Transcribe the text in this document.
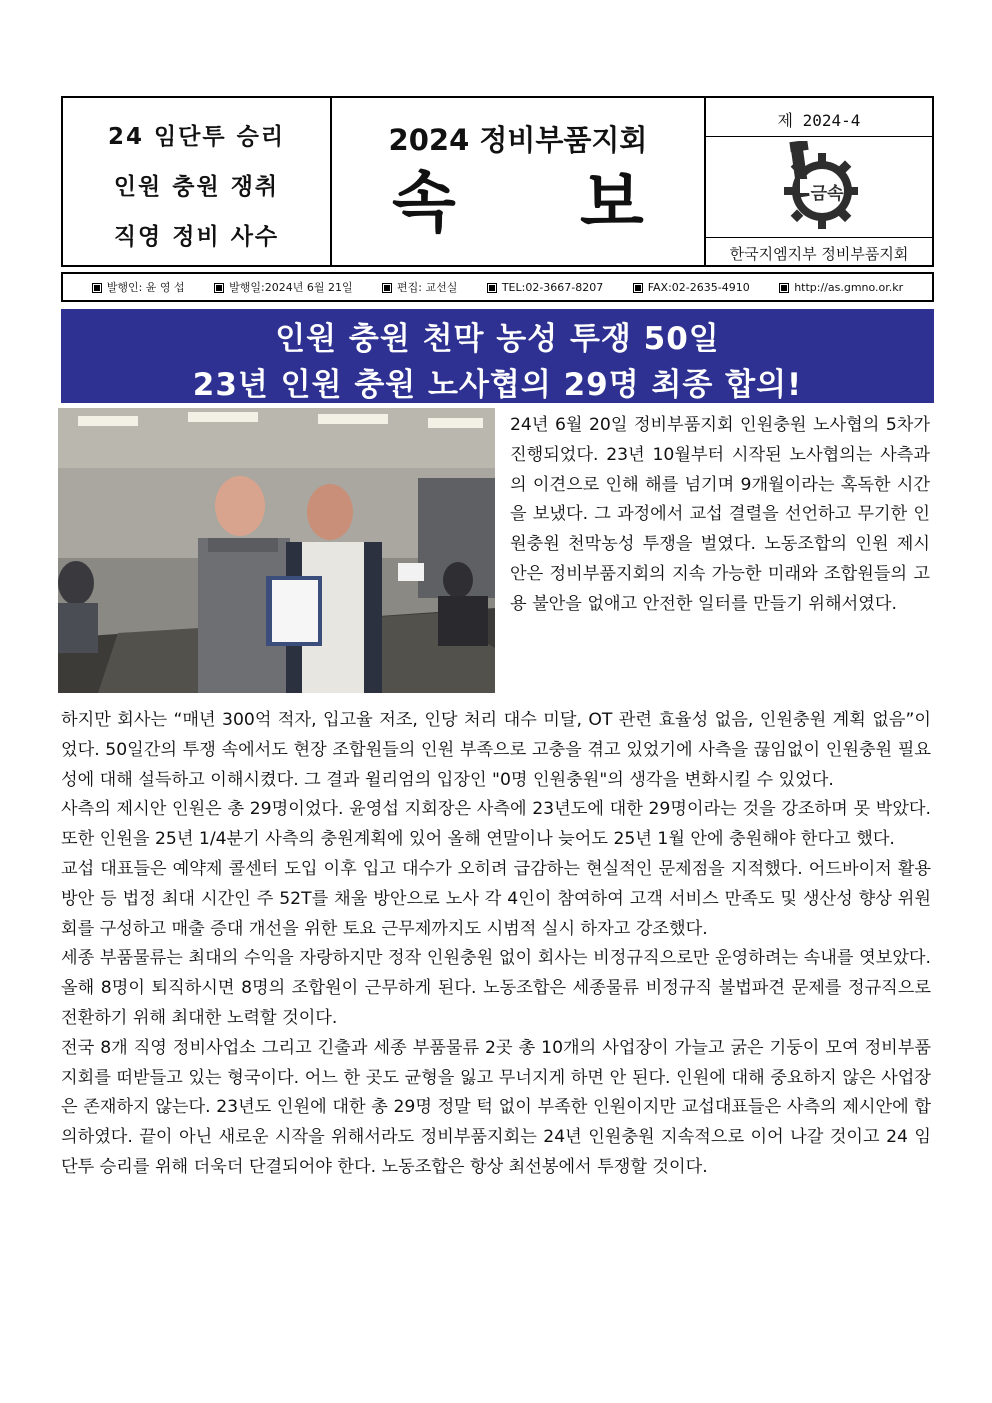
24 임단투 승리
인원 충원 쟁취
직영 정비 사수
2024 정비부품지회
속 보
제 2024-4
금속
한국지엠지부 정비부품지회
발행인: 윤 영 섭	발행일:2024년 6월 21일	편집: 교선실	TEL:02-3667-8207	FAX:02-2635-4910	http://as.gmno.or.kr
인원 충원 천막 농성 투쟁 50일
23년 인원 충원 노사협의 29명 최종 합의!

24년 6월 20일 정비부품지회 인원충원 노사협의 5차가 진행되었다. 23년 10월부터 시작된 노사협의는 사측과의 이견으로 인해 해를 넘기며 9개월이라는 혹독한 시간을 보냈다. 그 과정에서 교섭 결렬을 선언하고 무기한 인원충원 천막농성 투쟁을 벌였다. 노동조합의 인원 제시안은 정비부품지회의 지속 가능한 미래와 조합원들의 고용 불안을 없애고 안전한 일터를 만들기 위해서였다.

하지만 회사는 “매년 300억 적자, 입고율 저조, 인당 처리 대수 미달, OT 관련 효율성 없음, 인원충원 계획 없음”이었다. 50일간의 투쟁 속에서도 현장 조합원들의 인원 부족으로 고충을 겪고 있었기에 사측을 끊임없이 인원충원 필요성에 대해 설득하고 이해시켰다. 그 결과 윌리엄의 입장인 "0명 인원충원"의 생각을 변화시킬 수 있었다.

사측의 제시안 인원은 총 29명이었다. 윤영섭 지회장은 사측에 23년도에 대한 29명이라는 것을 강조하며 못 박았다. 또한 인원을 25년 1/4분기 사측의 충원계획에 있어 올해 연말이나 늦어도 25년 1월 안에 충원해야 한다고 했다.

교섭 대표들은 예약제 콜센터 도입 이후 입고 대수가 오히려 급감하는 현실적인 문제점을 지적했다. 어드바이저 활용 방안 등 법정 최대 시간인 주 52T를 채울 방안으로 노사 각 4인이 참여하여 고객 서비스 만족도 및 생산성 향상 위원회를 구성하고 매출 증대 개선을 위한 토요 근무제까지도 시범적 실시 하자고 강조했다.

세종 부품물류는 최대의 수익을 자랑하지만 정작 인원충원 없이 회사는 비정규직으로만 운영하려는 속내를 엿보았다. 올해 8명이 퇴직하시면 8명의 조합원이 근무하게 된다. 노동조합은 세종물류 비정규직 불법파견 문제를 정규직으로 전환하기 위해 최대한 노력할 것이다.

전국 8개 직영 정비사업소 그리고 긴출과 세종 부품물류 2곳 총 10개의 사업장이 가늘고 굵은 기둥이 모여 정비부품지회를 떠받들고 있는 형국이다. 어느 한 곳도 균형을 잃고 무너지게 하면 안 된다. 인원에 대해 중요하지 않은 사업장은 존재하지 않는다. 23년도 인원에 대한 총 29명 정말 턱 없이 부족한 인원이지만 교섭대표들은 사측의 제시안에 합의하였다. 끝이 아닌 새로운 시작을 위해서라도 정비부품지회는 24년 인원충원 지속적으로 이어 나갈 것이고 24 임단투 승리를 위해 더욱더 단결되어야 한다. 노동조합은 항상 최선봉에서 투쟁할 것이다.
